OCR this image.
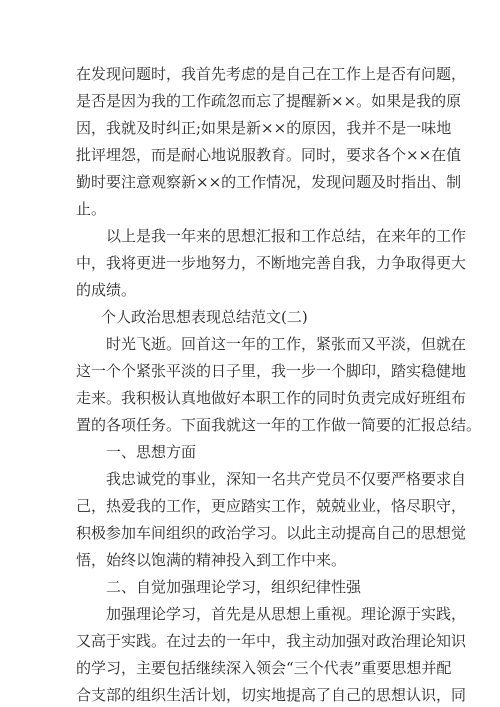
在发现问题时，我首先考虑的是自己在工作上是否有问题，
是否是因为我的工作疏忽而忘了提醒新××。如果是我的原
因，我就及时纠正;如果是新××的原因，我并不是一味地
批评埋怨，而是耐心地说服教育。同时，要求各个××在值
勤时要注意观察新××的工作情况，发现问题及时指出、制
止。
以上是我一年来的思想汇报和工作总结，在来年的工作
中，我将更进一步地努力，不断地完善自我，力争取得更大
的成绩。
个人政治思想表现总结范文(二)
时光飞逝。回首这一年的工作，紧张而又平淡，但就在
这一个个紧张平淡的日子里，我一步一个脚印，踏实稳健地
走来。我积极认真地做好本职工作的同时负责完成好班组布
置的各项任务。下面我就这一年的工作做一简要的汇报总结。
一、思想方面
我忠诚党的事业，深知一名共产党员不仅要严格要求自
己，热爱我的工作，更应踏实工作，兢兢业业，恪尽职守，
积极参加车间组织的政治学习。以此主动提高自己的思想觉
悟，始终以饱满的精神投入到工作中来。
二、自觉加强理论学习，组织纪律性强
加强理论学习，首先是从思想上重视。理论源于实践，
又高于实践。在过去的一年中，我主动加强对政治理论知识
的学习，主要包括继续深入领会“三个代表”重要思想并配
合支部的组织生活计划，切实地提高了自己的思想认识，同
